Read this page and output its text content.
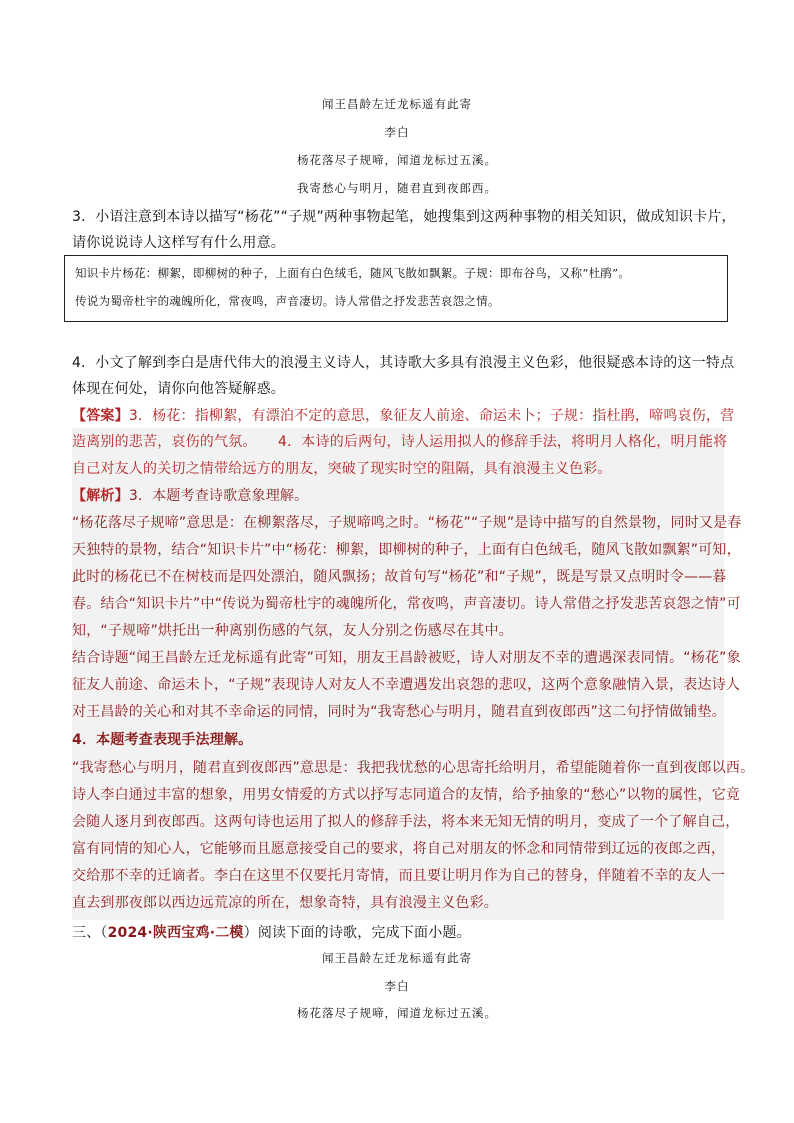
闻王昌龄左迁龙标遥有此寄
李白
杨花落尽子规啼，闻道龙标过五溪。
我寄愁心与明月，随君直到夜郎西。
3．小语注意到本诗以描写“杨花”“子规”两种事物起笔，她搜集到这两种事物的相关知识，做成知识卡片，
请你说说诗人这样写有什么用意。
知识卡片杨花：柳絮，即柳树的种子，上面有白色绒毛，随风飞散如飘絮。子规：即布谷鸟，又称“杜鹃”。
传说为蜀帝杜宇的魂魄所化，常夜鸣，声音凄切。诗人常借之抒发悲苦哀怨之情。
4．小文了解到李白是唐代伟大的浪漫主义诗人，其诗歌大多具有浪漫主义色彩，他很疑惑本诗的这一特点
体现在何处，请你向他答疑解惑。
【答案】3．杨花：指柳絮，有漂泊不定的意思，象征友人前途、命运未卜；子规：指杜鹃，啼鸣哀伤，营
造离别的悲苦，哀伤的气氛。　　4．本诗的后两句，诗人运用拟人的修辞手法，将明月人格化，明月能将
自己对友人的关切之情带给远方的朋友，突破了现实时空的阻隔，具有浪漫主义色彩。
【解析】3．本题考查诗歌意象理解。
“杨花落尽子规啼”意思是：在柳絮落尽，子规啼鸣之时。“杨花”“子规”是诗中描写的自然景物，同时又是春
天独特的景物，结合“知识卡片”中“杨花：柳絮，即柳树的种子，上面有白色绒毛，随风飞散如飘絮”可知，
此时的杨花已不在树枝而是四处漂泊，随风飘扬；故首句写“杨花”和“子规”，既是写景又点明时令——暮
春。结合“知识卡片”中“传说为蜀帝杜宇的魂魄所化，常夜鸣，声音凄切。诗人常借之抒发悲苦哀怨之情”可
知，“子规啼”烘托出一种离别伤感的气氛，友人分别之伤感尽在其中。
结合诗题“闻王昌龄左迁龙标遥有此寄”可知，朋友王昌龄被贬，诗人对朋友不幸的遭遇深表同情。“杨花”象
征友人前途、命运未卜，“子规”表现诗人对友人不幸遭遇发出哀怨的悲叹，这两个意象融情入景，表达诗人
对王昌龄的关心和对其不幸命运的同情，同时为“我寄愁心与明月，随君直到夜郎西”这二句抒情做铺垫。
4．本题考查表现手法理解。
“我寄愁心与明月，随君直到夜郎西”意思是：我把我忧愁的心思寄托给明月，希望能随着你一直到夜郎以西。
诗人李白通过丰富的想象，用男女情爱的方式以抒写志同道合的友情，给予抽象的“愁心”以物的属性，它竟
会随人逐月到夜郎西。这两句诗也运用了拟人的修辞手法，将本来无知无情的明月，变成了一个了解自己，
富有同情的知心人，它能够而且愿意接受自己的要求，将自己对朋友的怀念和同情带到辽远的夜郎之西，
交给那不幸的迁谪者。李白在这里不仅要托月寄情，而且要让明月作为自己的替身，伴随着不幸的友人一
直去到那夜郎以西边远荒凉的所在，想象奇特，具有浪漫主义色彩。
三、（2024·陕西宝鸡·二模）阅读下面的诗歌，完成下面小题。
闻王昌龄左迁龙标遥有此寄
李白
杨花落尽子规啼，闻道龙标过五溪。
